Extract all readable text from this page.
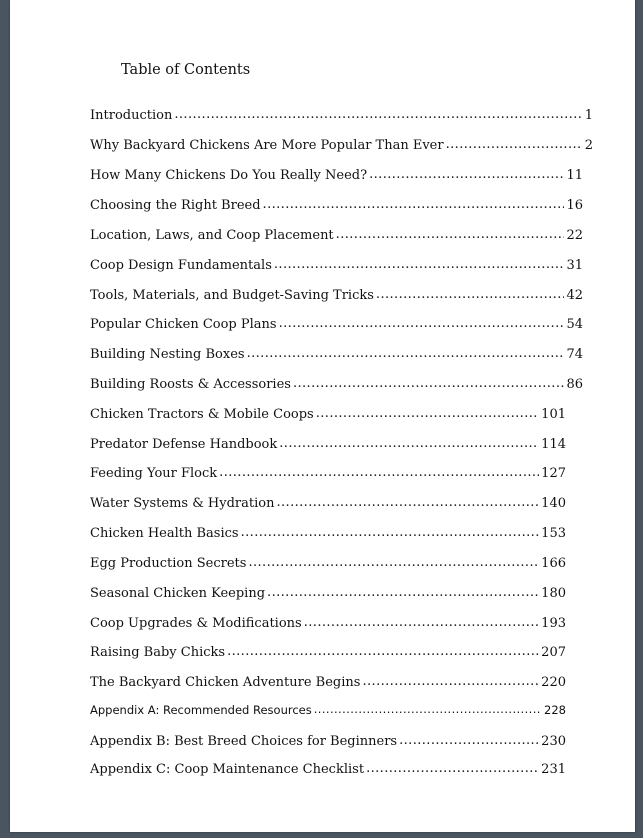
Table of Contents
Introduction .....	1
Why Backyard Chickens Are More Popular Than Ever .....	2
How Many Chickens Do You Really Need? .....	11
Choosing the Right Breed .....	16
Location, Laws, and Coop Placement .....	22
Coop Design Fundamentals .....	31
Tools, Materials, and Budget-Saving Tricks .....	42
Popular Chicken Coop Plans .....	54
Building Nesting Boxes .....	74
Building Roosts & Accessories .....	86
Chicken Tractors & Mobile Coops .....	101
Predator Defense Handbook .....	114
Feeding Your Flock .....	127
Water Systems & Hydration .....	140
Chicken Health Basics .....	153
Egg Production Secrets .....	166
Seasonal Chicken Keeping .....	180
Coop Upgrades & Modifications .....	193
Raising Baby Chicks .....	207
The Backyard Chicken Adventure Begins .....	220
Appendix A: Recommended Resources .....	228
Appendix B: Best Breed Choices for Beginners .....	230
Appendix C: Coop Maintenance Checklist .....	231
